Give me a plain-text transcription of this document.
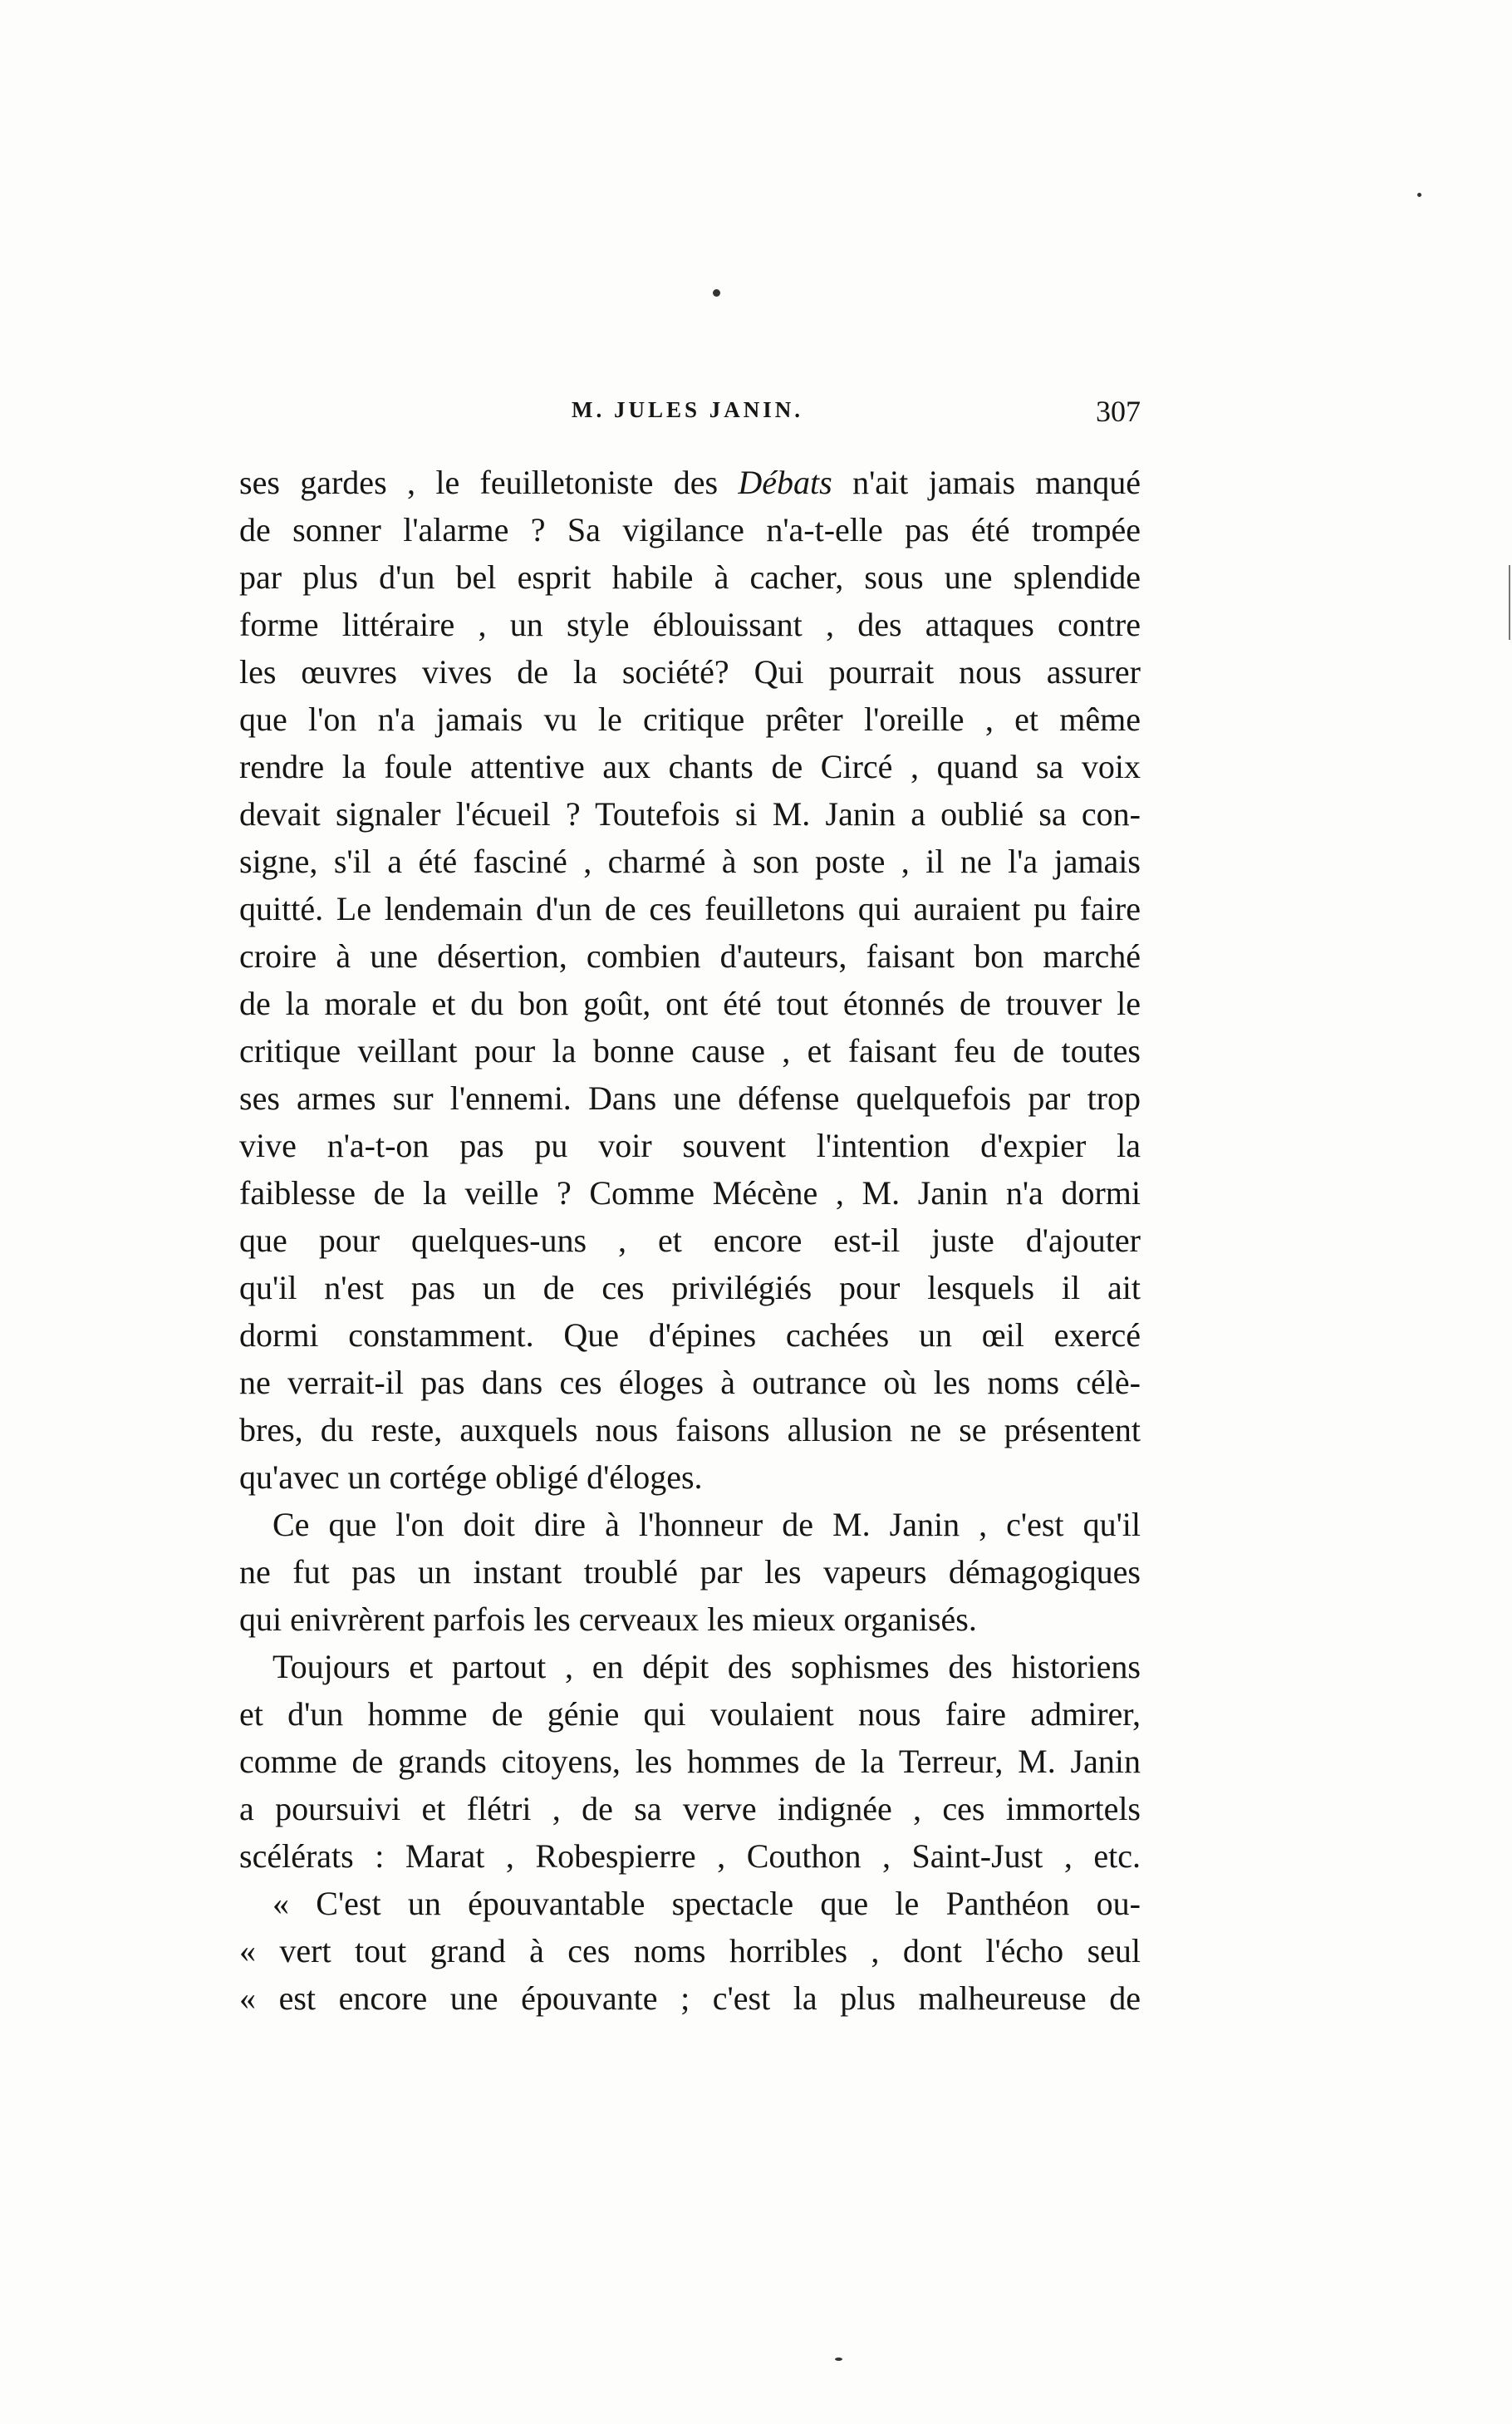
M. JULES JANIN.	307
ses gardes , le feuilletoniste des Débats n'ait jamais manqué
de sonner l'alarme ? Sa vigilance n'a-t-elle pas été trompée
par plus d'un bel esprit habile à cacher, sous une splendide
forme littéraire , un style éblouissant , des attaques contre
les œuvres vives de la société? Qui pourrait nous assurer
que l'on n'a jamais vu le critique prêter l'oreille , et même
rendre la foule attentive aux chants de Circé , quand sa voix
devait signaler l'écueil ? Toutefois si M. Janin a oublié sa con-
signe, s'il a été fasciné , charmé à son poste , il ne l'a jamais
quitté. Le lendemain d'un de ces feuilletons qui auraient pu faire
croire à une désertion, combien d'auteurs, faisant bon marché
de la morale et du bon goût, ont été tout étonnés de trouver le
critique veillant pour la bonne cause , et faisant feu de toutes
ses armes sur l'ennemi. Dans une défense quelquefois par trop
vive n'a-t-on pas pu voir souvent l'intention d'expier la
faiblesse de la veille ? Comme Mécène , M. Janin n'a dormi
que pour quelques-uns , et encore est-il juste d'ajouter
qu'il n'est pas un de ces privilégiés pour lesquels il ait
dormi constamment. Que d'épines cachées un œil exercé
ne verrait-il pas dans ces éloges à outrance où les noms célè-
bres, du reste, auxquels nous faisons allusion ne se présentent
qu'avec un cortége obligé d'éloges.
Ce que l'on doit dire à l'honneur de M. Janin , c'est qu'il
ne fut pas un instant troublé par les vapeurs démagogiques
qui enivrèrent parfois les cerveaux les mieux organisés.
Toujours et partout , en dépit des sophismes des historiens
et d'un homme de génie qui voulaient nous faire admirer,
comme de grands citoyens, les hommes de la Terreur, M. Janin
a poursuivi et flétri , de sa verve indignée , ces immortels
scélérats : Marat , Robespierre , Couthon , Saint-Just , etc.
« C'est un épouvantable spectacle que le Panthéon ou-
« vert tout grand à ces noms horribles , dont l'écho seul
« est encore une épouvante ; c'est la plus malheureuse de
